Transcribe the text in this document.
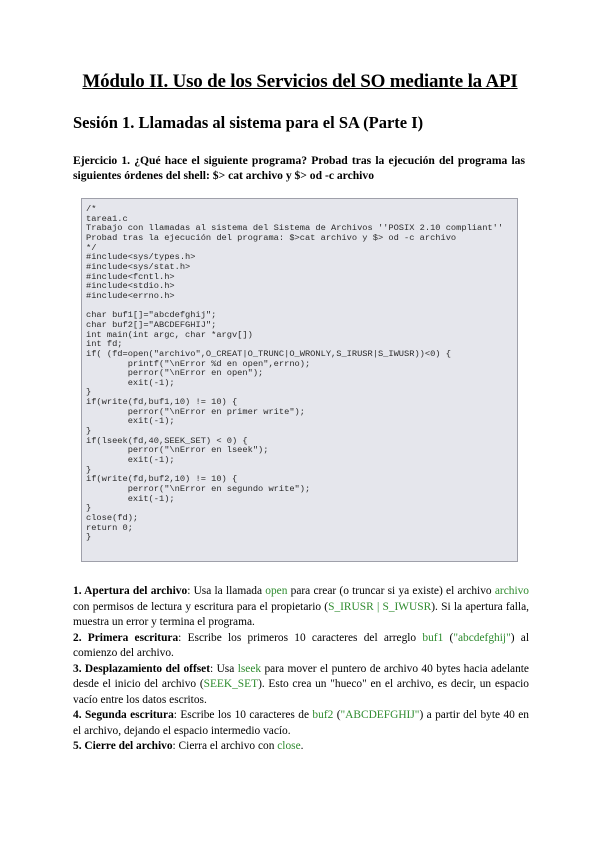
Módulo II. Uso de los Servicios del SO mediante la API
Sesión 1. Llamadas al sistema para el SA (Parte I)
Ejercicio 1. ¿Qué hace el siguiente programa? Probad tras la ejecución del programa las siguientes órdenes del shell: $> cat archivo y $> od -c archivo
/*
tarea1.c
Trabajo con llamadas al sistema del Sistema de Archivos ''POSIX 2.10 compliant''
Probad tras la ejecución del programa: $>cat archivo y $> od -c archivo
*/
#include<sys/types.h>
#include<sys/stat.h>
#include<fcntl.h>
#include<stdio.h>
#include<errno.h>

char buf1[]="abcdefghij";
char buf2[]="ABCDEFGHIJ";
int main(int argc, char *argv[])
int fd;
if( (fd=open("archivo",O_CREAT|O_TRUNC|O_WRONLY,S_IRUSR|S_IWUSR))<0) {
printf("\nError %d en open",errno);
perror("\nError en open");
exit(-1);
}
if(write(fd,buf1,10) != 10) {
perror("\nError en primer write");
exit(-1);
}
if(lseek(fd,40,SEEK_SET) < 0) {
perror("\nError en lseek");
exit(-1);
}
if(write(fd,buf2,10) != 10) {
perror("\nError en segundo write");
exit(-1);
}
close(fd);
return 0;
}

1. Apertura del archivo: Usa la llamada open para crear (o truncar si ya existe) el archivo archivo con permisos de lectura y escritura para el propietario (S_IRUSR | S_IWUSR). Si la apertura falla, muestra un error y termina el programa.

2. Primera escritura: Escribe los primeros 10 caracteres del arreglo buf1 ("abcdefghij") al comienzo del archivo.

3. Desplazamiento del offset: Usa lseek para mover el puntero de archivo 40 bytes hacia adelante desde el inicio del archivo (SEEK_SET). Esto crea un "hueco" en el archivo, es decir, un espacio vacío entre los datos escritos.

4. Segunda escritura: Escribe los 10 caracteres de buf2 ("ABCDEFGHIJ") a partir del byte 40 en el archivo, dejando el espacio intermedio vacío.

5. Cierre del archivo: Cierra el archivo con close.
